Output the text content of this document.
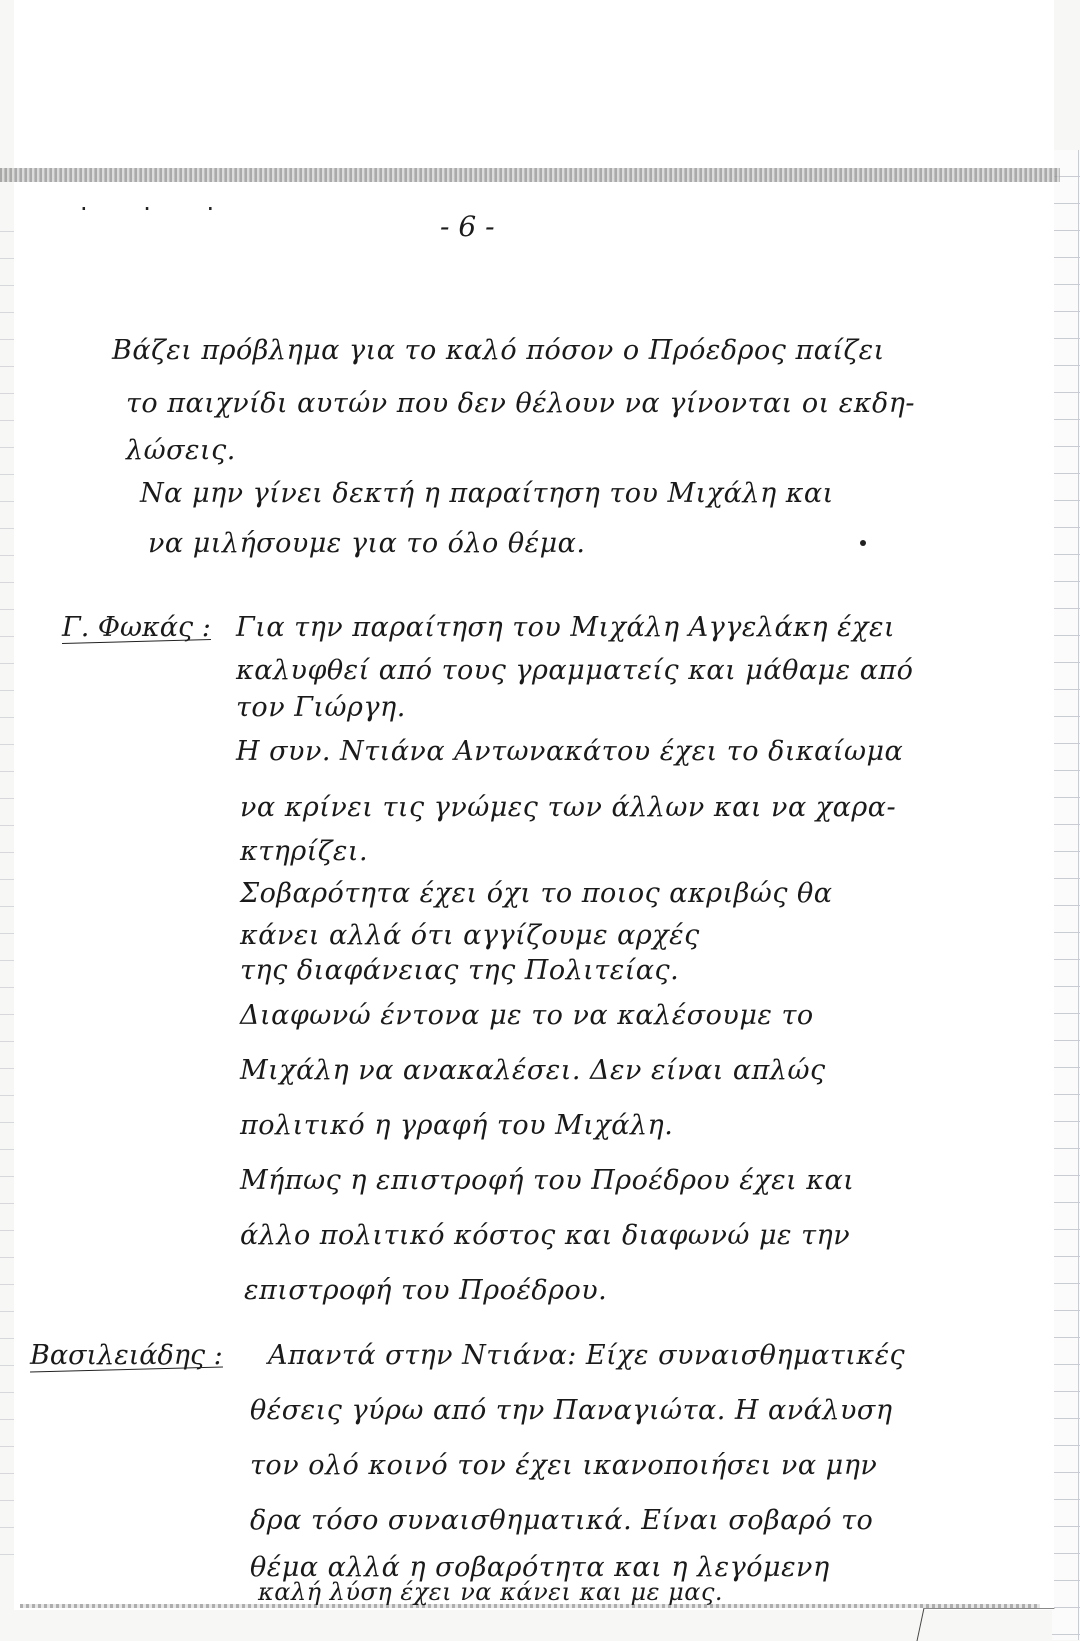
· · ·
- 6 -

Βάζει πρόβλημα για το καλό πόσον ο Πρόεδρος παίζει

το παιχνίδι αυτών που δεν θέλουν να γίνονται οι εκδη-

λώσεις.

Να μην γίνει δεκτή η παραίτηση του Μιχάλη και

να μιλήσουμε για το όλο θέμα.

Γ. Φωκάς : Για την παραίτηση του Μιχάλη Αγγελάκη έχει

καλυφθεί από τους γραμματείς και μάθαμε από

τον Γιώργη.

Η συν. Ντιάνα Αντωνακάτου έχει το δικαίωμα

να κρίνει τις γνώμες των άλλων και να χαρα-

κτηρίζει.

Σοβαρότητα έχει όχι το ποιος ακριβώς θα

κάνει αλλά ότι αγγίζουμε αρχές

της διαφάνειας της Πολιτείας.

Διαφωνώ έντονα με το να καλέσουμε το

Μιχάλη να ανακαλέσει. Δεν είναι απλώς

πολιτικό η γραφή του Μιχάλη.

Μήπως η επιστροφή του Προέδρου έχει και

άλλο πολιτικό κόστος και διαφωνώ με την

επιστροφή του Προέδρου.

Βασιλειάδης : Απαντά στην Ντιάνα: Είχε συναισθηματικές

θέσεις γύρω από την Παναγιώτα. Η ανάλυση

τον ολό κοινό τον έχει ικανοποιήσει να μην

δρα τόσο συναισθηματικά. Είναι σοβαρό το

θέμα αλλά η σοβαρότητα και η λεγόμενη

καλή λύση έχει να κάνει και με μας.
